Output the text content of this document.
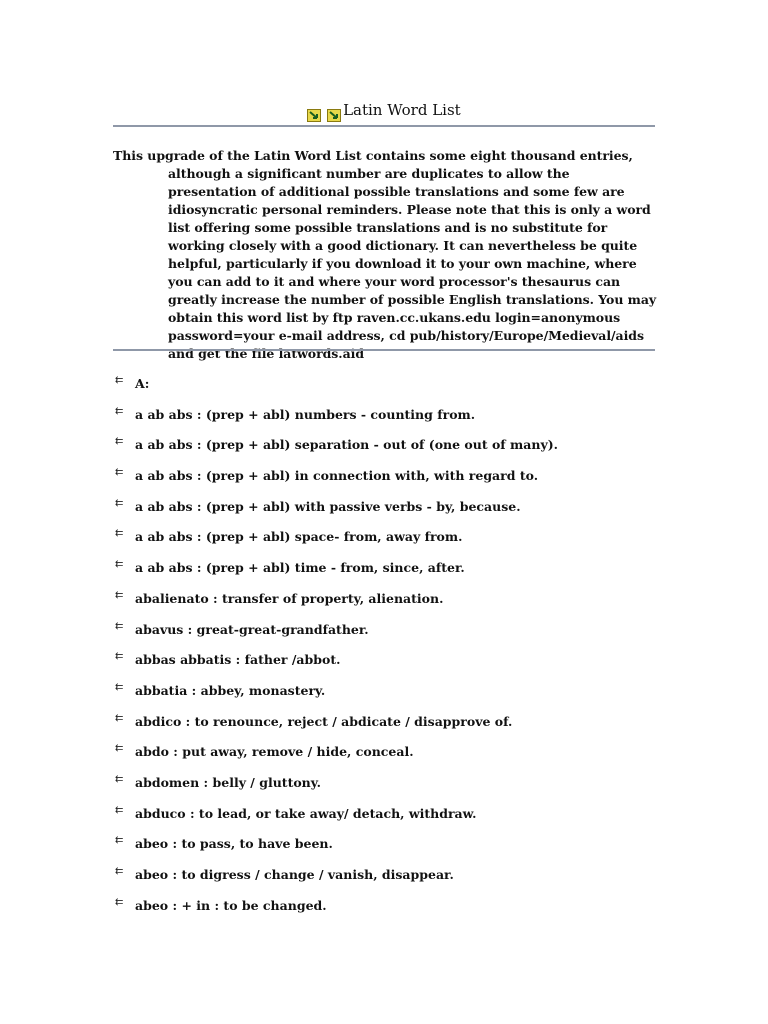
Latin Word List
This upgrade of the Latin Word List contains some eight thousand entries, although a significant number are duplicates to allow the presentation of additional possible translations and some few are idiosyncratic personal reminders. Please note that this is only a word list offering some possible translations and is no substitute for working closely with a good dictionary. It can nevertheless be quite helpful, particularly if you download it to your own machine, where you can add to it and where your word processor's thesaurus can greatly increase the number of possible English translations. You may obtain this word list by ftp raven.cc.ukans.edu login=anonymous password=your e-mail address, cd pub/history/Europe/Medieval/aids and get the file latwords.aid
⇇ A:
⇇ a ab abs : (prep + abl) numbers - counting from.
⇇ a ab abs : (prep + abl) separation - out of (one out of many).
⇇ a ab abs : (prep + abl) in connection with, with regard to.
⇇ a ab abs : (prep + abl) with passive verbs - by, because.
⇇ a ab abs : (prep + abl) space- from, away from.
⇇ a ab abs : (prep + abl) time - from, since, after.
⇇ abalienato : transfer of property, alienation.
⇇ abavus : great-great-grandfather.
⇇ abbas abbatis : father /abbot.
⇇ abbatia : abbey, monastery.
⇇ abdico : to renounce, reject / abdicate / disapprove of.
⇇ abdo : put away, remove / hide, conceal.
⇇ abdomen : belly / gluttony.
⇇ abduco : to lead, or take away/ detach, withdraw.
⇇ abeo : to pass, to have been.
⇇ abeo : to digress / change / vanish, disappear.
⇇ abeo : + in : to be changed.
